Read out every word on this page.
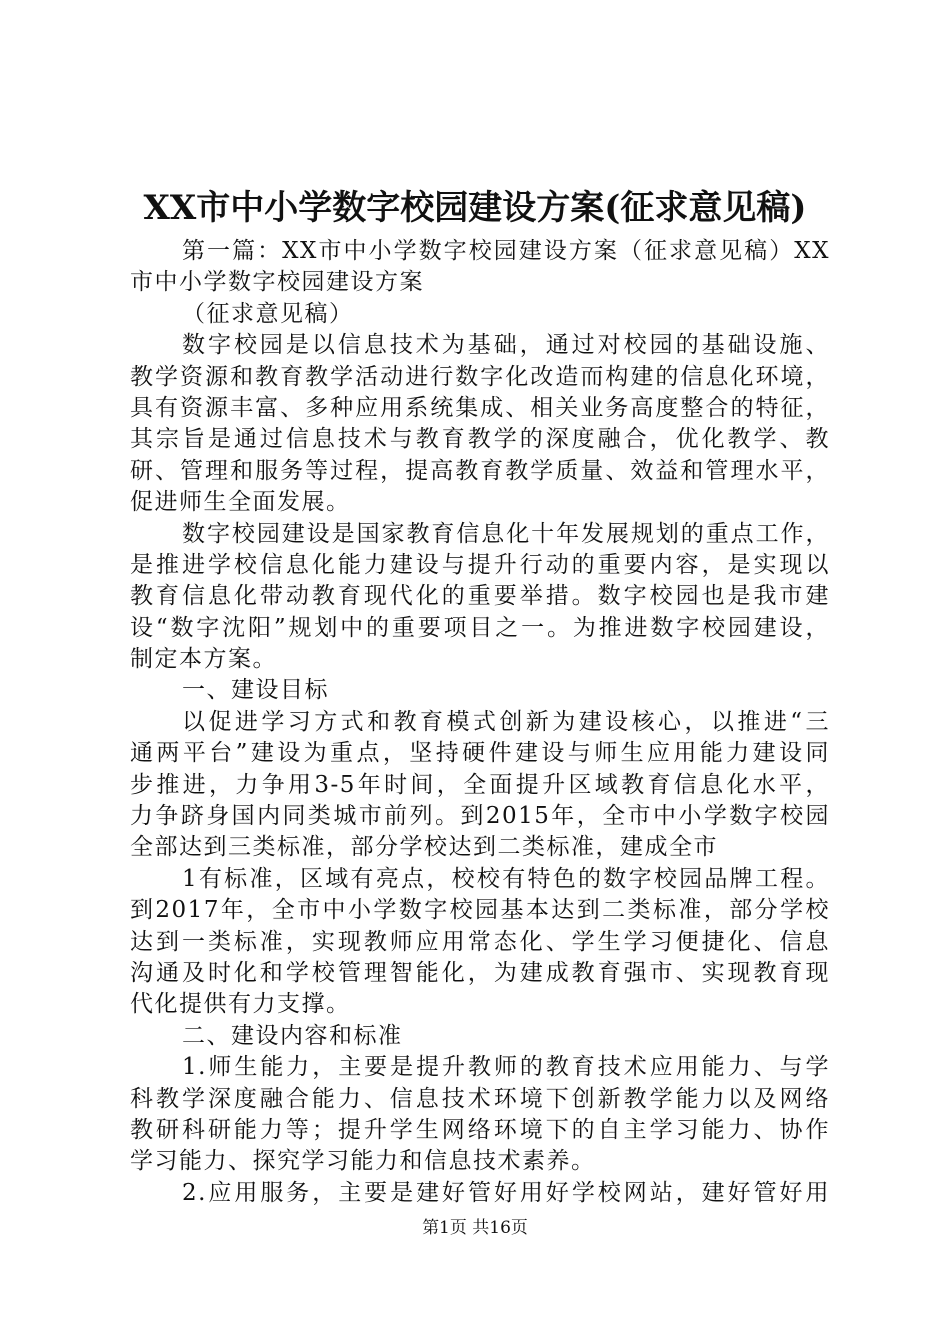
XX市中小学数字校园建设方案(征求意见稿)
第一篇：XX市中小学数字校园建设方案（征求意见稿）XX
市中小学数字校园建设方案
（征求意见稿）
数字校园是以信息技术为基础，通过对校园的基础设施、
教学资源和教育教学活动进行数字化改造而构建的信息化环境，
具有资源丰富、多种应用系统集成、相关业务高度整合的特征，
其宗旨是通过信息技术与教育教学的深度融合，优化教学、教
研、管理和服务等过程，提高教育教学质量、效益和管理水平，
促进师生全面发展。
数字校园建设是国家教育信息化十年发展规划的重点工作，
是推进学校信息化能力建设与提升行动的重要内容，是实现以
教育信息化带动教育现代化的重要举措。数字校园也是我市建
设“数字沈阳”规划中的重要项目之一。为推进数字校园建设，
制定本方案。
一、建设目标
以促进学习方式和教育模式创新为建设核心，以推进“三
通两平台”建设为重点，坚持硬件建设与师生应用能力建设同
步推进，力争用3-5年时间，全面提升区域教育信息化水平，
力争跻身国内同类城市前列。到2015年，全市中小学数字校园
全部达到三类标准，部分学校达到二类标准，建成全市
1有标准，区域有亮点，校校有特色的数字校园品牌工程。
到2017年，全市中小学数字校园基本达到二类标准，部分学校
达到一类标准，实现教师应用常态化、学生学习便捷化、信息
沟通及时化和学校管理智能化，为建成教育强市、实现教育现
代化提供有力支撑。
二、建设内容和标准
1.师生能力，主要是提升教师的教育技术应用能力、与学
科教学深度融合能力、信息技术环境下创新教学能力以及网络
教研科研能力等；提升学生网络环境下的自主学习能力、协作
学习能力、探究学习能力和信息技术素养。
2.应用服务，主要是建好管好用好学校网站，建好管好用
第1页 共16页
